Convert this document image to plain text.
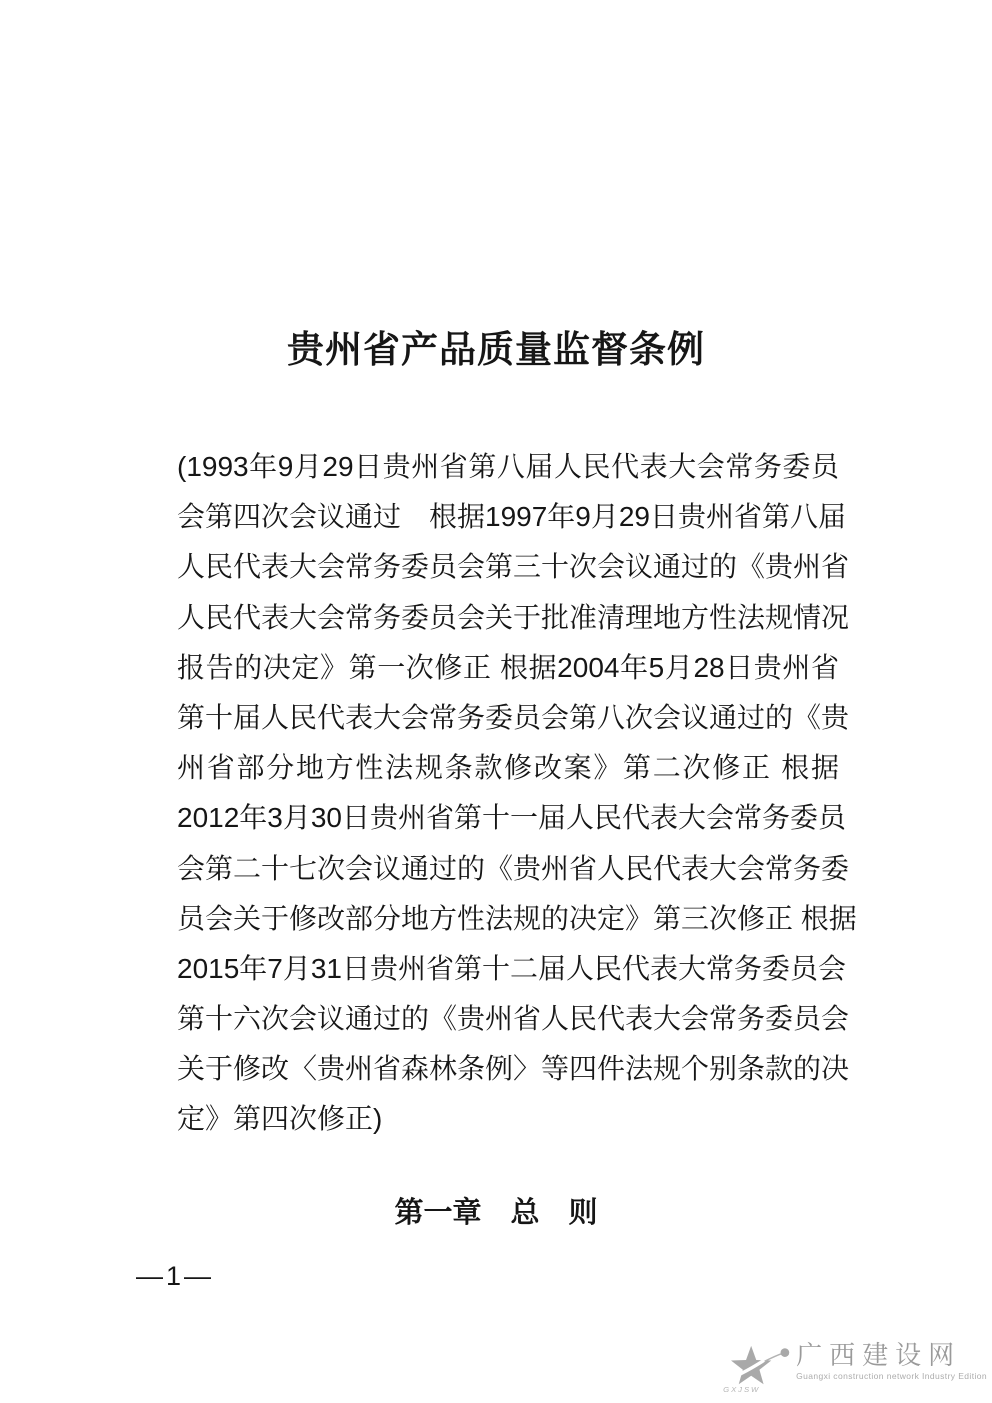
贵州省产品质量监督条例
(1993年9月29日贵州省第八届人民代表大会常务委员
会第四次会议通过　根据1997年9月29日贵州省第八届
人民代表大会常务委员会第三十次会议通过的《贵州省
人民代表大会常务委员会关于批准清理地方性法规情况
报告的决定》第一次修正 根据2004年5月28日贵州省
第十届人民代表大会常务委员会第八次会议通过的《贵
州省部分地方性法规条款修改案》第二次修正 根据
2012年3月30日贵州省第十一届人民代表大会常务委员
会第二十七次会议通过的《贵州省人民代表大会常务委
员会关于修改部分地方性法规的决定》第三次修正 根据
2015年7月31日贵州省第十二届人民代表大常务委员会
第十六次会议通过的《贵州省人民代表大会常务委员会
关于修改〈贵州省森林条例〉等四件法规个别条款的决
定》第四次修正)
第一章　总　则
—1—
GXJSW
广西建设网
Guangxi construction network Industry Edition
